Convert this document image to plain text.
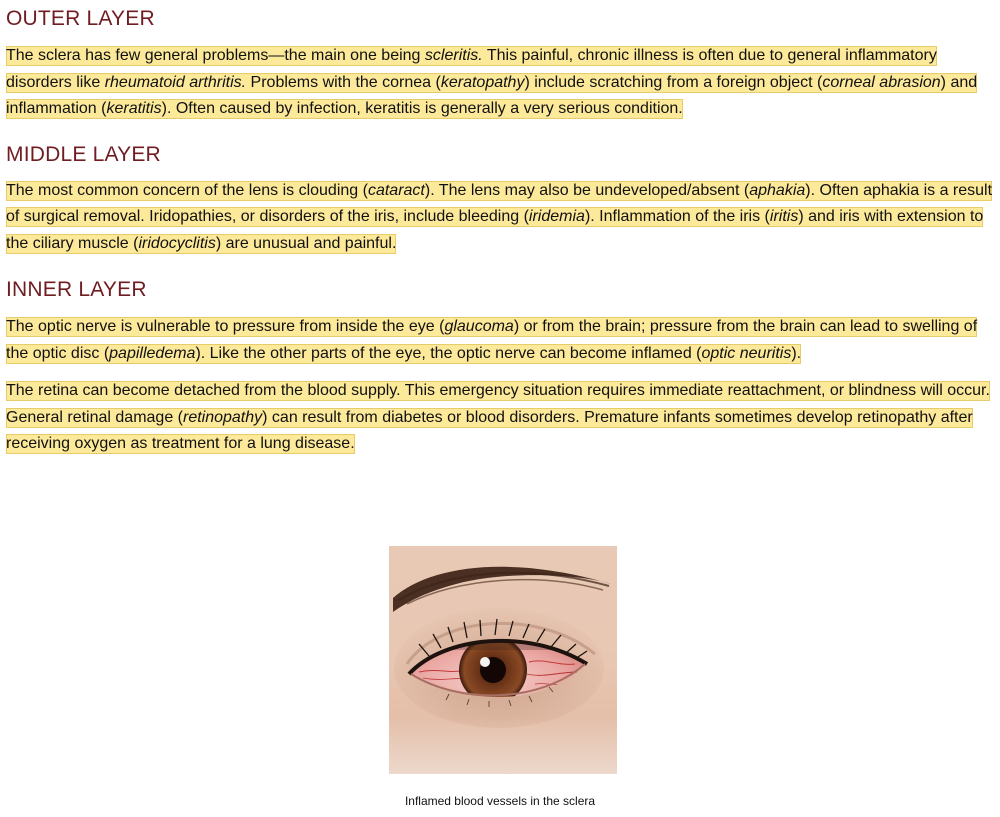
OUTER LAYER

The sclera has few general problems—the main one being scleritis. This painful, chronic illness is often due to general inflammatory disorders like rheumatoid arthritis. Problems with the cornea (keratopathy) include scratching from a foreign object (corneal abrasion) and inflammation (keratitis). Often caused by infection, keratitis is generally a very serious condition.

MIDDLE LAYER

The most common concern of the lens is clouding (cataract). The lens may also be undeveloped/absent (aphakia). Often aphakia is a result of surgical removal. Iridopathies, or disorders of the iris, include bleeding (iridemia). Inflammation of the iris (iritis) and iris with extension to the ciliary muscle (iridocyclitis) are unusual and painful.

INNER LAYER

The optic nerve is vulnerable to pressure from inside the eye (glaucoma) or from the brain; pressure from the brain can lead to swelling of the optic disc (papilledema). Like the other parts of the eye, the optic nerve can become inflamed (optic neuritis).

The retina can become detached from the blood supply. This emergency situation requires immediate reattachment, or blindness will occur. General retinal damage (retinopathy) can result from diabetes or blood disorders. Premature infants sometimes develop retinopathy after receiving oxygen as treatment for a lung disease.

Inflamed blood vessels in the sclera
